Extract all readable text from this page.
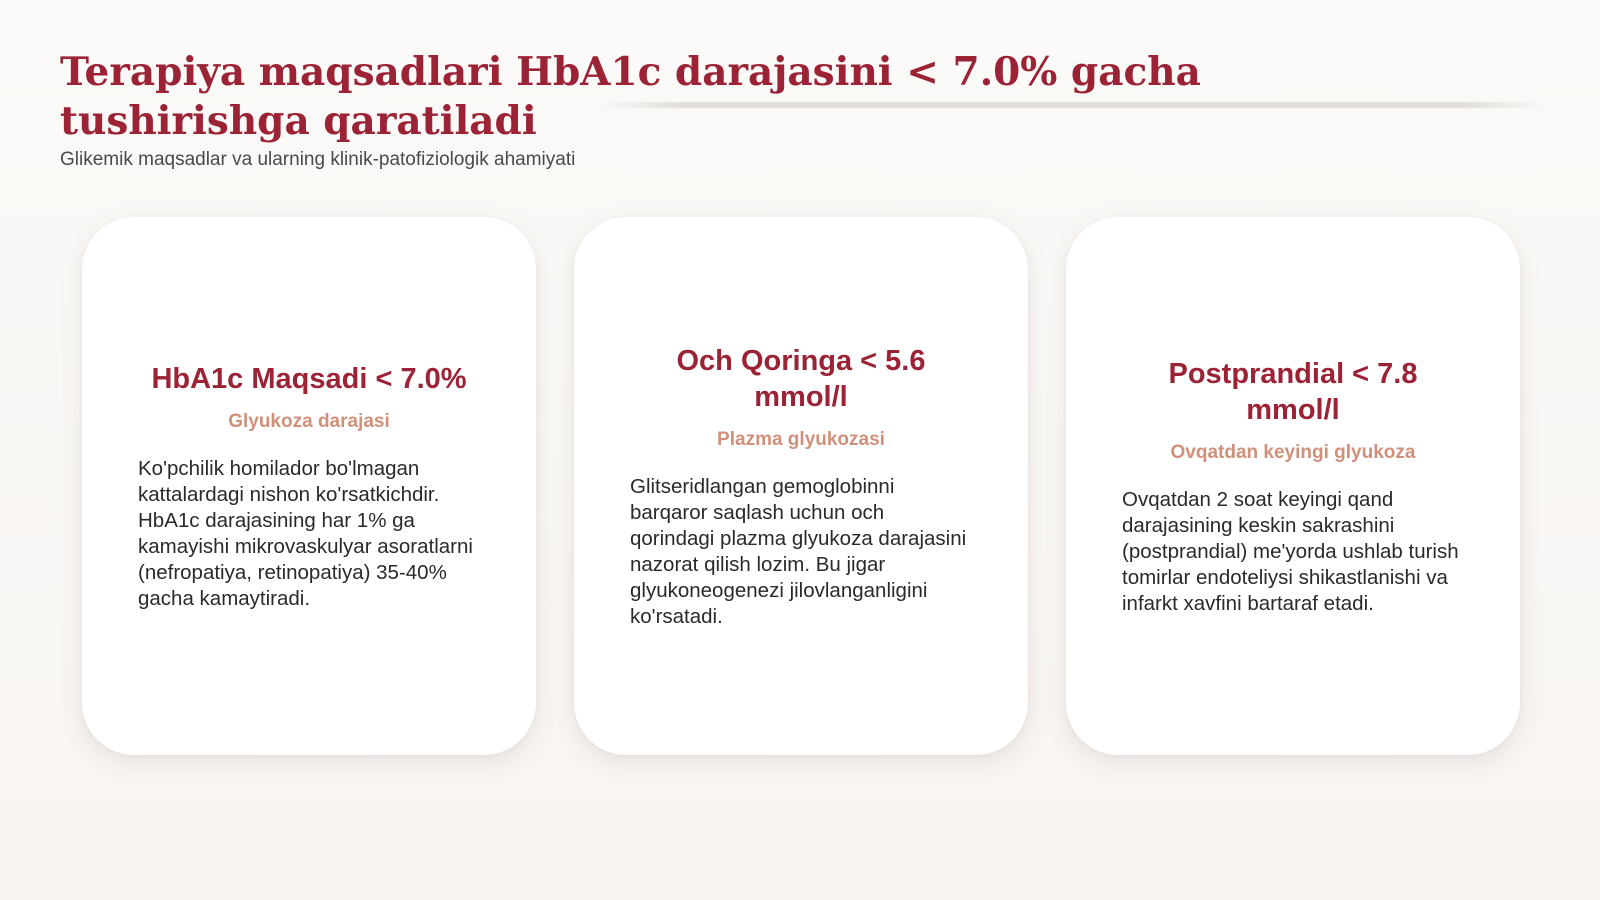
Terapiya maqsadlari HbA1c darajasini < 7.0% gacha tushirishga qaratiladi

Glikemik maqsadlar va ularning klinik-patofiziologik ahamiyati

HbA1c Maqsadi < 7.0%

Glyukoza darajasi

Ko'pchilik homilador bo'lmagan kattalardagi nishon ko'rsatkichdir. HbA1c darajasining har 1% ga kamayishi mikrovaskulyar asoratlarni (nefropatiya, retinopatiya) 35-40% gacha kamaytiradi.

Och Qoringa < 5.6 mmol/l

Plazma glyukozasi

Glitseridlangan gemoglobinni barqaror saqlash uchun och qorindagi plazma glyukoza darajasini nazorat qilish lozim. Bu jigar glyukoneogenezi jilovlanganligini ko'rsatadi.

Postprandial < 7.8 mmol/l

Ovqatdan keyingi glyukoza

Ovqatdan 2 soat keyingi qand darajasining keskin sakrashini (postprandial) me'yorda ushlab turish tomirlar endoteliysi shikastlanishi va infarkt xavfini bartaraf etadi.
